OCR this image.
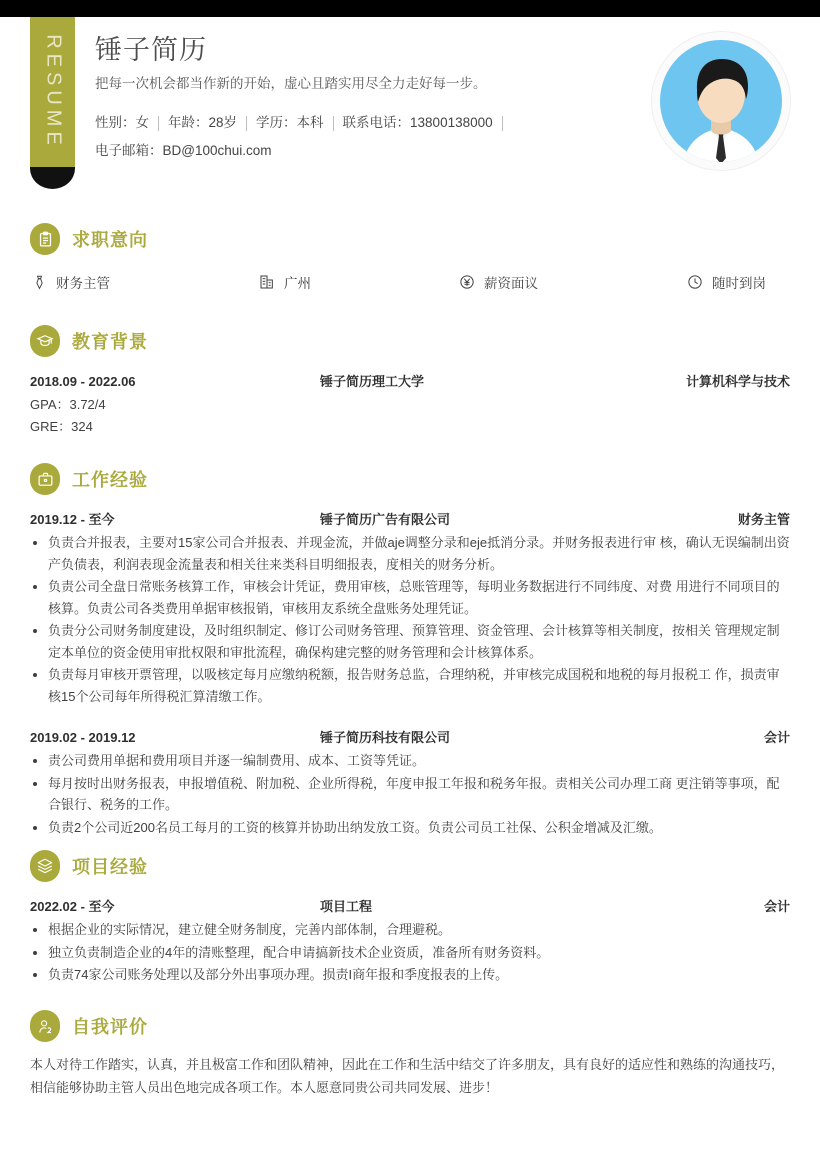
RESUME 锤子简历
把每一次机会都当作新的开始，虚心且踏实用尽全力走好每一步。
性别：女 年龄：28岁 学历：本科 联系电话：13800138000
电子邮箱：BD@100chui.com
求职意向
财务主管	广州	薪资面议	随时到岗
教育背景
2018.09 - 2022.06	锤子简历理工大学	计算机科学与技术
GPA：3.72/4
GRE：324
工作经验
2019.12 - 至今	锤子简历广告有限公司	财务主管
负责合并报表，主要对15家公司合并报表、并现金流，并做aje调整分录和eje抵消分录。并财务报表进行审 核，确认无误编制出资产负债表，利润表现金流量表和相关往来类科目明细报表，度相关的财务分析。
负责公司全盘日常账务核算工作，审核会计凭证，费用审核，总账管理等，每明业务数据进行不同纬度、对费 用进行不同项目的核算。负责公司各类费用单据审核报销，审核用友系统全盘账务处理凭证。
负责分公司财务制度建设，及时组织制定、修订公司财务管理、预算管理、资金管理、会计核算等相关制度，按相关 管理规定制定本单位的资金使用审批权限和审批流程，确保构建完整的财务管理和会计核算体系。
负责每月审核开票管理，以吸核定每月应缴纳税额，报告财务总监，合理纳税，并审核完成国税和地税的每月报税工 作，损责审核15个公司每年所得税汇算清缴工作。
2019.02 - 2019.12	锤子简历科技有限公司	会计
责公司费用单据和费用项目并逐一编制费用、成本、工资等凭证。
每月按时出财务报表，申报增值税、附加税、企业所得税，年度申报工年报和税务年报。责相关公司办理工商 更注销等事项，配合银行、税务的工作。
负责2个公司近200名员工每月的工资的核算并协助出纳发放工资。负责公司员工社保、公积金增减及汇缴。
项目经验
2022.02 - 至今	项目工程	会计
根据企业的实际情况，建立健全财务制度，完善内部体制，合理避税。
独立负责制造企业的4年的清账整理，配合申请搞新技术企业资质，准备所有财务资料。
负责74家公司账务处理以及部分外出事项办理。损责I商年报和季度报表的上传。
自我评价
本人对待工作踏实，认真，并且极富工作和团队精神，因此在工作和生活中结交了许多朋友，具有良好的适应性和熟练的沟通技巧，相信能够协助主管人员出色地完成各项工作。本人愿意同贵公司共同发展、进步！
